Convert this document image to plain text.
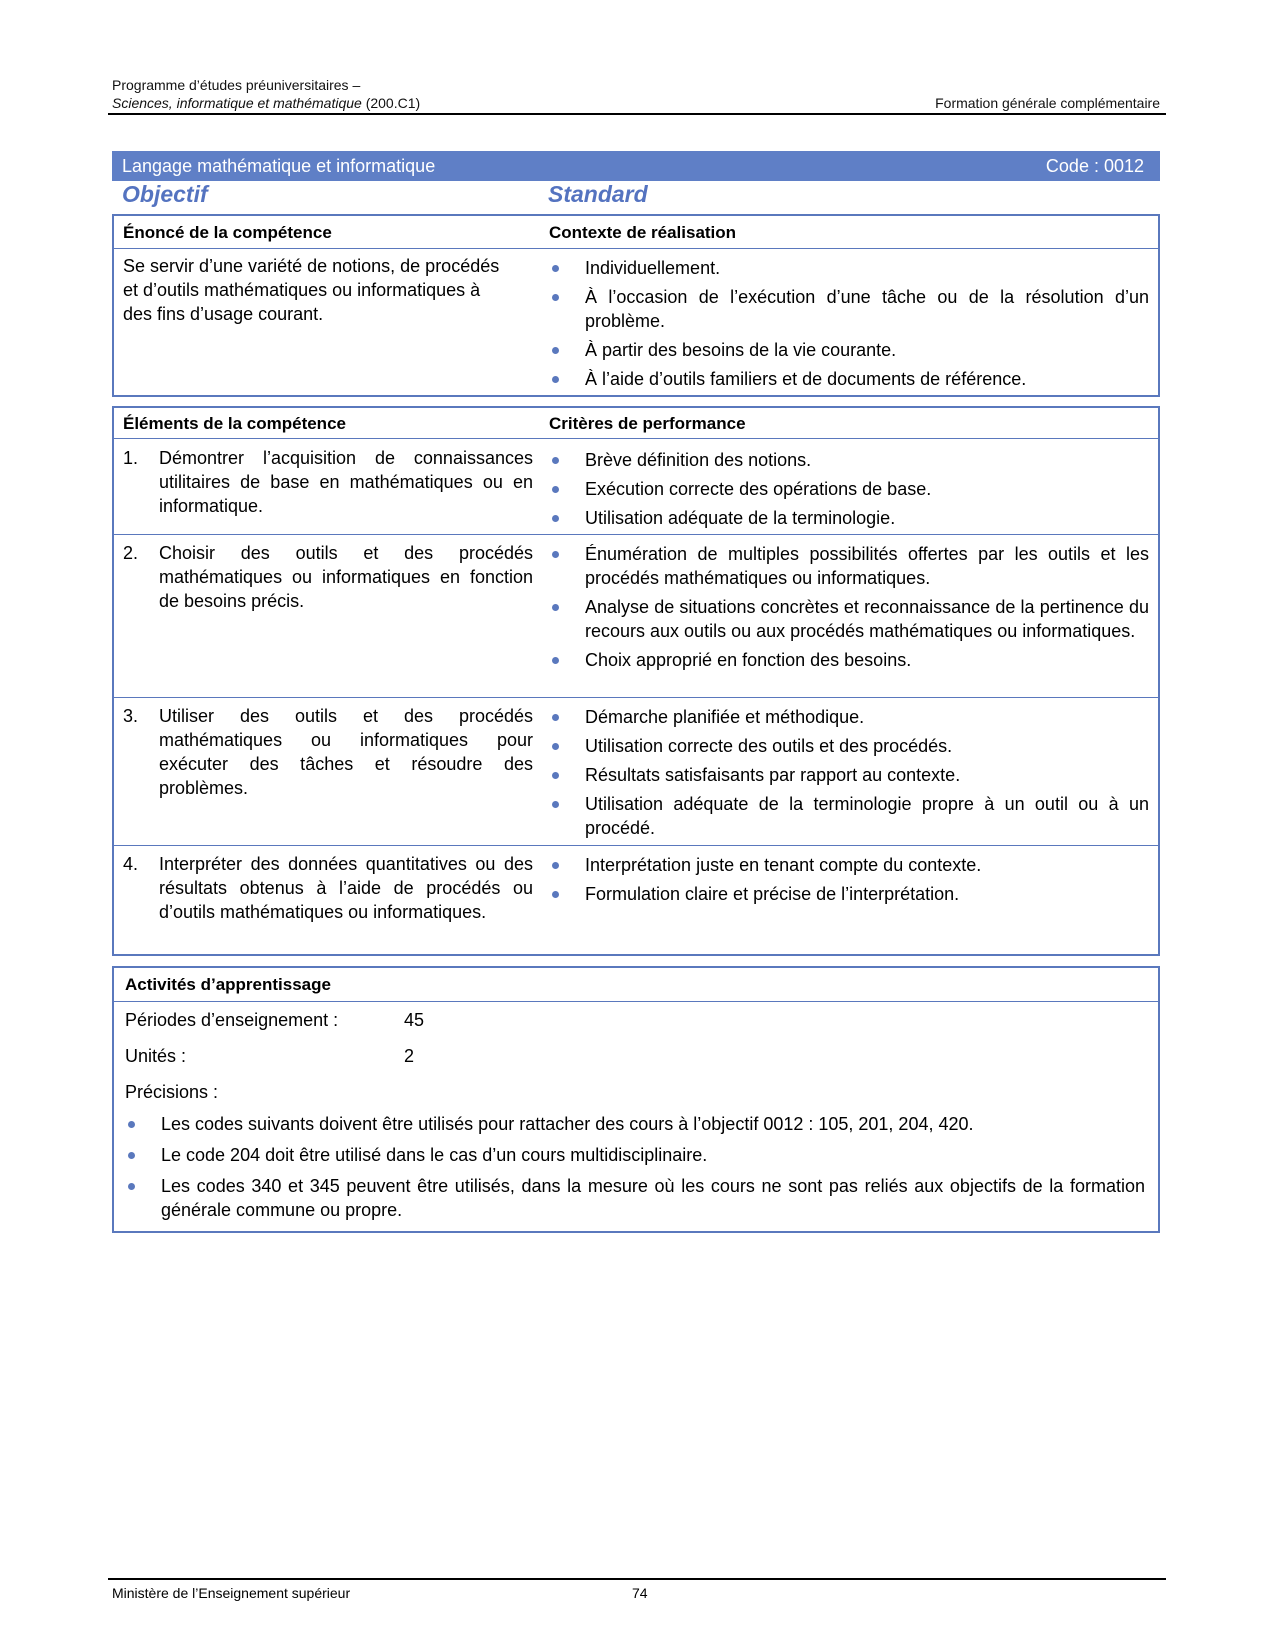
Programme d’études préuniversitaires –
Sciences, informatique et mathématique (200.C1)	Formation générale complémentaire
Langage mathématique et informatique	Code : 0012
Objectif	Standard
Énoncé de la compétence	Contexte de réalisation
Se servir d’une variété de notions, de procédés et d’outils mathématiques ou informatiques à des fins d’usage courant.
Individuellement.
À l’occasion de l’exécution d’une tâche ou de la résolution d’un problème.
À partir des besoins de la vie courante.
À l’aide d’outils familiers et de documents de référence.
Éléments de la compétence	Critères de performance
1.	Démontrer l’acquisition de connaissances utilitaires de base en mathématiques ou en informatique.
Brève définition des notions.
Exécution correcte des opérations de base.
Utilisation adéquate de la terminologie.
2.	Choisir des outils et des procédés mathématiques ou informatiques en fonction de besoins précis.
Énumération de multiples possibilités offertes par les outils et les procédés mathématiques ou informatiques.
Analyse de situations concrètes et reconnaissance de la pertinence du recours aux outils ou aux procédés mathématiques ou informatiques.
Choix approprié en fonction des besoins.
3.	Utiliser des outils et des procédés mathématiques ou informatiques pour exécuter des tâches et résoudre des problèmes.
Démarche planifiée et méthodique.
Utilisation correcte des outils et des procédés.
Résultats satisfaisants par rapport au contexte.
Utilisation adéquate de la terminologie propre à un outil ou à un procédé.
4.	Interpréter des données quantitatives ou des résultats obtenus à l’aide de procédés ou d’outils mathématiques ou informatiques.
Interprétation juste en tenant compte du contexte.
Formulation claire et précise de l’interprétation.
Activités d’apprentissage
Périodes d’enseignement :	45
Unités :	2
Précisions :
Les codes suivants doivent être utilisés pour rattacher des cours à l’objectif 0012 : 105, 201, 204, 420.
Le code 204 doit être utilisé dans le cas d’un cours multidisciplinaire.
Les codes 340 et 345 peuvent être utilisés, dans la mesure où les cours ne sont pas reliés aux objectifs de la formation générale commune ou propre.
Ministère de l’Enseignement supérieur	74
